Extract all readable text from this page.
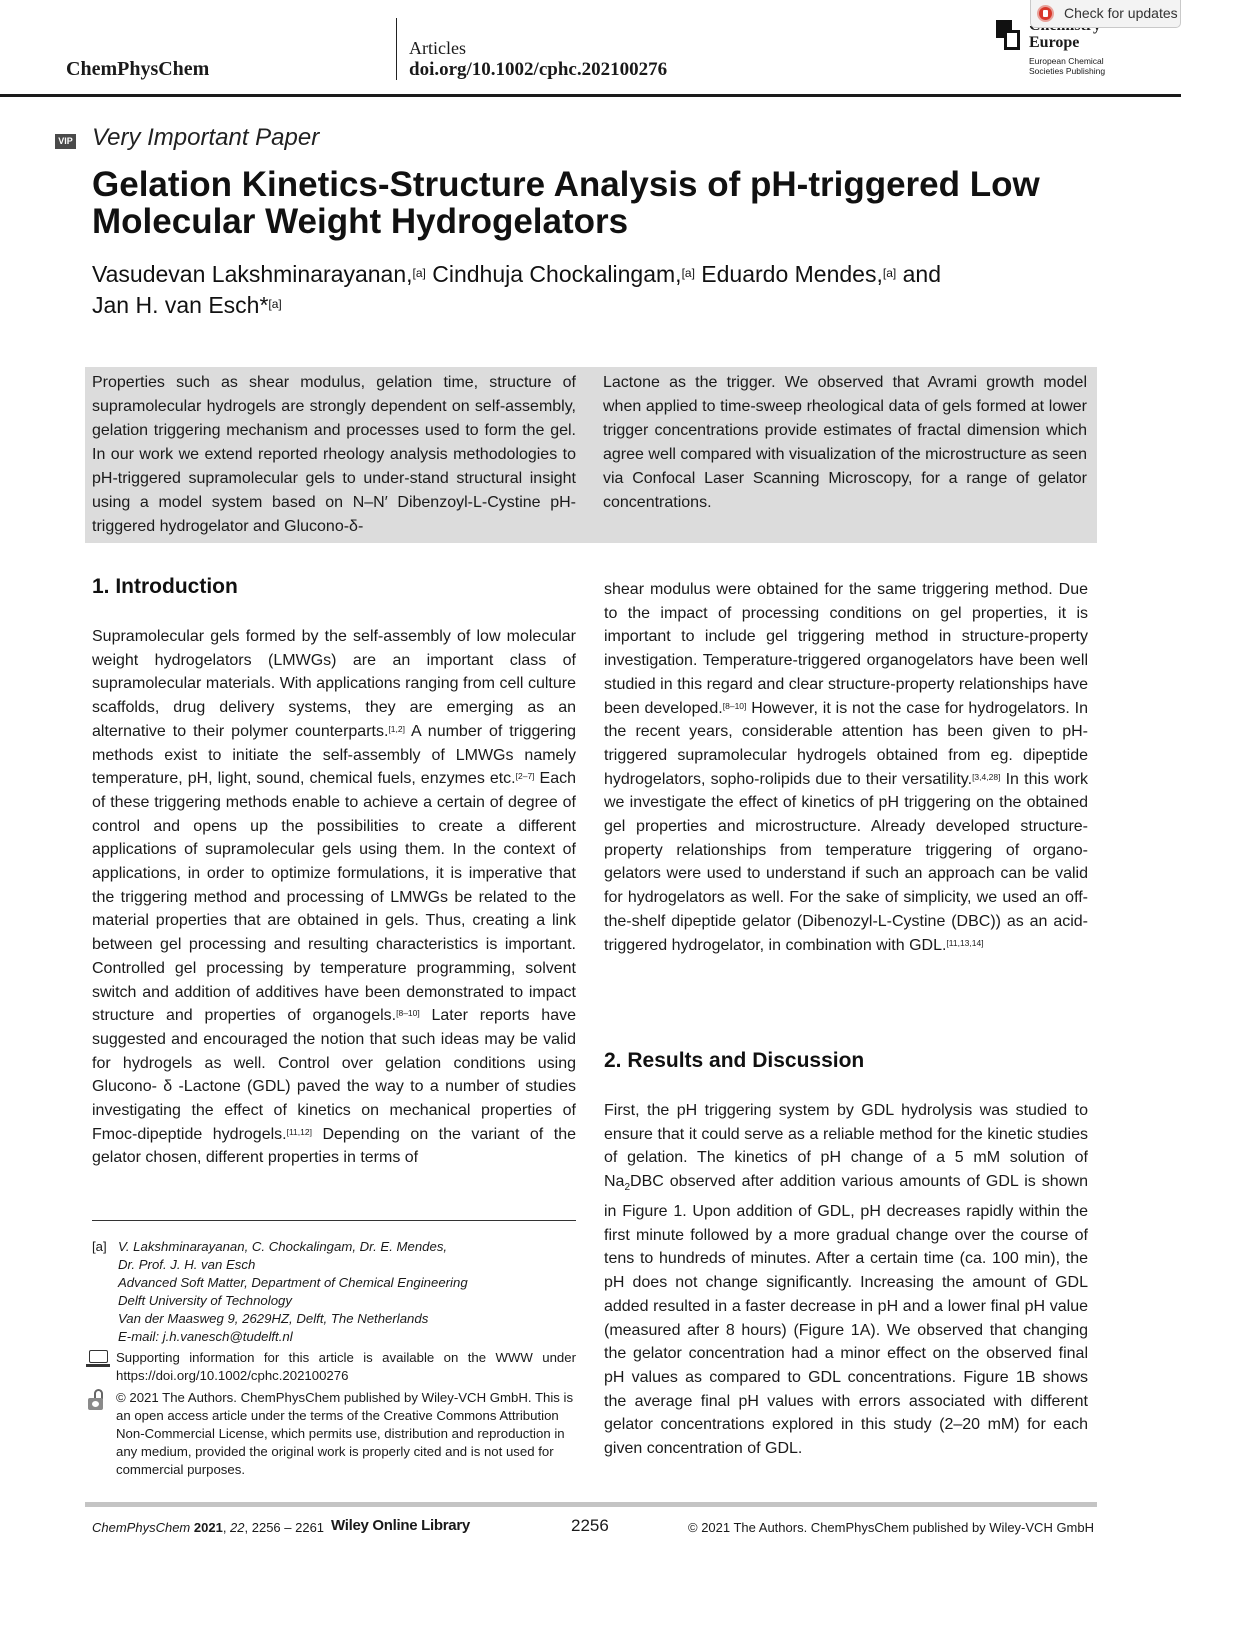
ChemPhysChem
Articles
doi.org/10.1002/cphc.202100276
Europe
European Chemical Societies Publishing
Check for updates
VIP Very Important Paper
Gelation Kinetics-Structure Analysis of pH-triggered Low Molecular Weight Hydrogelators
Vasudevan Lakshminarayanan,[a] Cindhuja Chockalingam,[a] Eduardo Mendes,[a] and
Jan H. van Esch*[a]
Properties such as shear modulus, gelation time, structure of supramolecular hydrogels are strongly dependent on self-assembly, gelation triggering mechanism and processes used to form the gel. In our work we extend reported rheology analysis methodologies to pH-triggered supramolecular gels to under-stand structural insight using a model system based on N–N′ Dibenzoyl-L-Cystine pH-triggered hydrogelator and Glucono-δ-
Lactone as the trigger. We observed that Avrami growth model when applied to time-sweep rheological data of gels formed at lower trigger concentrations provide estimates of fractal dimension which agree well compared with visualization of the microstructure as seen via Confocal Laser Scanning Microscopy, for a range of gelator concentrations.
1. Introduction
Supramolecular gels formed by the self-assembly of low molecular weight hydrogelators (LMWGs) are an important class of supramolecular materials. With applications ranging from cell culture scaffolds, drug delivery systems, they are emerging as an alternative to their polymer counterparts.[1,2] A number of triggering methods exist to initiate the self-assembly of LMWGs namely temperature, pH, light, sound, chemical fuels, enzymes etc.[2–7] Each of these triggering methods enable to achieve a certain of degree of control and opens up the possibilities to create a different applications of supramolecular gels using them. In the context of applications, in order to optimize formulations, it is imperative that the triggering method and processing of LMWGs be related to the material properties that are obtained in gels. Thus, creating a link between gel processing and resulting characteristics is important. Controlled gel processing by temperature programming, solvent switch and addition of additives have been demonstrated to impact structure and properties of organogels.[8–10] Later reports have suggested and encouraged the notion that such ideas may be valid for hydrogels as well. Control over gelation conditions using Glucono- δ -Lactone (GDL) paved the way to a number of studies investigating the effect of kinetics on mechanical properties of Fmoc-dipeptide hydrogels.[11,12] Depending on the variant of the gelator chosen, different properties in terms of
shear modulus were obtained for the same triggering method. Due to the impact of processing conditions on gel properties, it is important to include gel triggering method in structure-property investigation. Temperature-triggered organogelators have been well studied in this regard and clear structure-property relationships have been developed.[8–10] However, it is not the case for hydrogelators. In the recent years, considerable attention has been given to pH-triggered supramolecular hydrogels obtained from eg. dipeptide hydrogelators, sopho-rolipids due to their versatility.[3,4,28] In this work we investigate the effect of kinetics of pH triggering on the obtained gel properties and microstructure. Already developed structure-property relationships from temperature triggering of organo-gelators were used to understand if such an approach can be valid for hydrogelators as well. For the sake of simplicity, we used an off-the-shelf dipeptide gelator (Dibenozyl-L-Cystine (DBC)) as an acid-triggered hydrogelator, in combination with GDL.[11,13,14]
2. Results and Discussion
First, the pH triggering system by GDL hydrolysis was studied to ensure that it could serve as a reliable method for the kinetic studies of gelation. The kinetics of pH change of a 5 mM solution of $Na_2DBC$ observed after addition various amounts of GDL is shown in Figure 1. Upon addition of GDL, pH decreases rapidly within the first minute followed by a more gradual change over the course of tens to hundreds of minutes. After a certain time (ca. 100 min), the pH does not change significantly. Increasing the amount of GDL added resulted in a faster decrease in pH and a lower final pH value (measured after 8 hours) (Figure 1A). We observed that changing the gelator concentration had a minor effect on the observed final pH values as compared to GDL concentrations. Figure 1B shows the average final pH values with errors associated with different gelator concentrations explored in this study (2–20 mM) for each given concentration of GDL.
[a] V. Lakshminarayanan, C. Chockalingam, Dr. E. Mendes,
Dr. Prof. J. H. van Esch
Advanced Soft Matter, Department of Chemical Engineering
Delft University of Technology
Van der Maasweg 9, 2629HZ, Delft, The Netherlands
E-mail: j.h.vanesch@tudelft.nl
Supporting information for this article is available on the WWW under https://doi.org/10.1002/cphc.202100276
© 2021 The Authors. ChemPhysChem published by Wiley-VCH GmbH. This is an open access article under the terms of the Creative Commons Attribution Non-Commercial License, which permits use, distribution and reproduction in any medium, provided the original work is properly cited and is not used for commercial purposes.
ChemPhysChem 2021, 22, 2256 – 2261 Wiley Online Library	2256	© 2021 The Authors. ChemPhysChem published by Wiley-VCH GmbH
